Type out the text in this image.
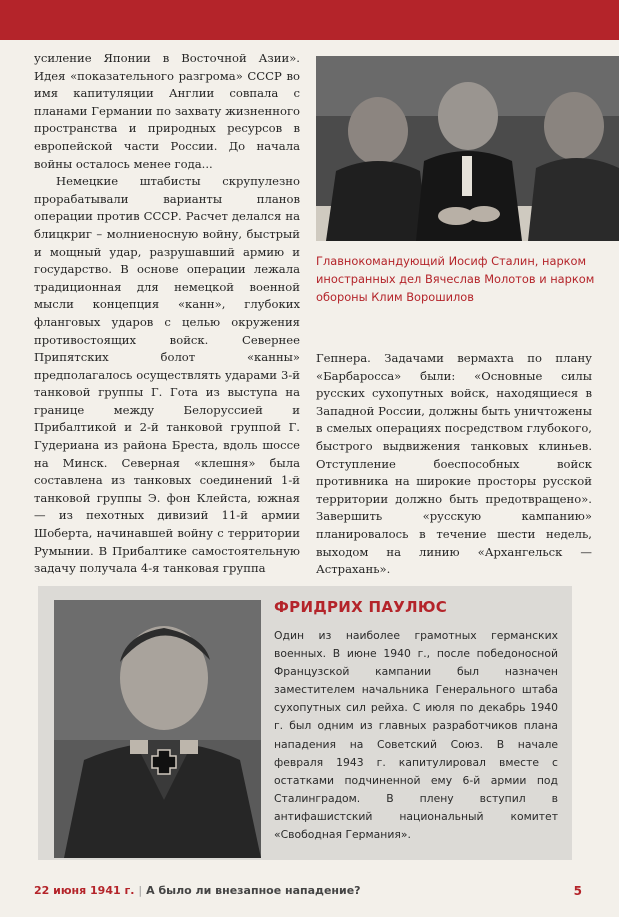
усиление Японии в Восточной Азии». Идея «показательного разгрома» СССР во имя капитуляции Англии совпала с планами Германии по захвату жизненного пространства и природных ресурсов в европейской части России. До начала войны осталось менее года...

Немецкие штабисты скрупулезно прорабатывали варианты планов операции против СССР. Расчет делался на блицкриг – молниеносную войну, быстрый и мощный удар, разрушавший армию и государство. В основе операции лежала традиционная для немецкой военной мысли концепция «канн», глубоких фланговых ударов с целью окружения противостоящих войск. Севернее Припятских болот «канны» предполагалось осуществлять ударами 3-й танковой группы Г. Гота из выступа на границе между Белоруссией и Прибалтикой и 2-й танковой группой Г. Гудериана из района Бреста, вдоль шоссе на Минск. Северная «клешня» была составлена из танковых соединений 1-й танковой группы Э. фон Клейста, южная — из пехотных дивизий 11-й армии Шоберта, начинавшей войну с территории Румынии. В Прибалтике самостоятельную задачу получала 4-я танковая группа

Главнокомандующий Иосиф Сталин, нарком иностранных дел Вячеслав Молотов и нарком обороны Клим Ворошилов

Гепнера. Задачами вермахта по плану «Барбаросса» были: «Основные силы русских сухопутных войск, находящиеся в Западной России, должны быть уничтожены в смелых операциях посредством глубокого, быстрого выдвижения танковых клиньев. Отступление боеспособных войск противника на широкие просторы русской территории должно быть предотвращено». Завершить «русскую кампанию» планировалось в течение шести недель, выходом на линию «Архангельск — Астрахань».

ФРИДРИХ ПАУЛЮС
Один из наиболее грамотных германских военных. В июне 1940 г., после победоносной Французской кампании был назначен заместителем начальника Генерального штаба сухопутных сил рейха. С июля по декабрь 1940 г. был одним из главных разработчиков плана нападения на Советский Союз. В начале февраля 1943 г. капитулировал вместе с остатками подчиненной ему 6-й армии под Сталинградом. В плену вступил в антифашистский национальный комитет «Свободная Германия».
22 июня 1941 г. | А было ли внезапное нападение?	5
